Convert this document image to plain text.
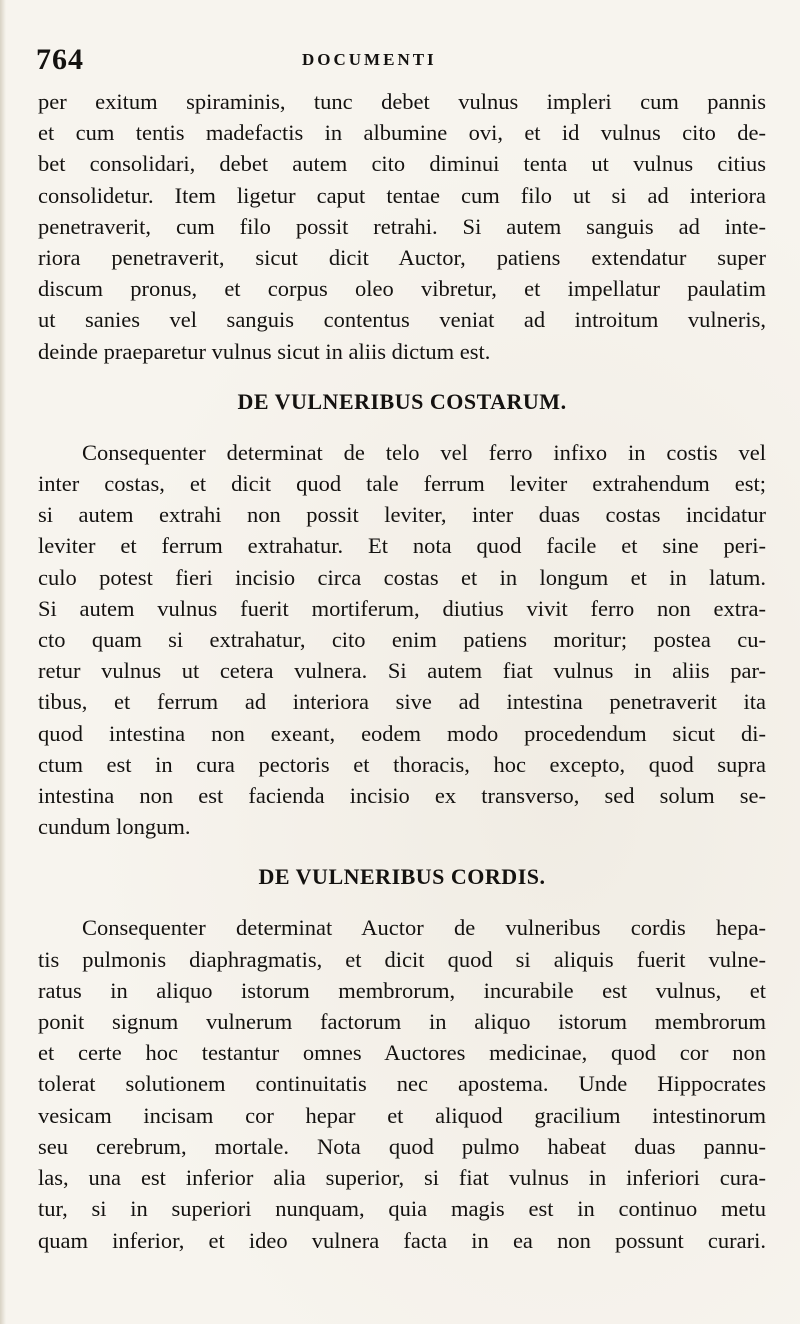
764	DOCUMENTI
per exitum spiraminis, tunc debet vulnus impleri cum pannis
et cum tentis madefactis in albumine ovi, et id vulnus cito de-
bet consolidari, debet autem cito diminui tenta ut vulnus citius
consolidetur. Item ligetur caput tentae cum filo ut si ad interiora
penetraverit, cum filo possit retrahi. Si autem sanguis ad inte-
riora penetraverit, sicut dicit Auctor, patiens extendatur super
discum pronus, et corpus oleo vibretur, et impellatur paulatim
ut sanies vel sanguis contentus veniat ad introitum vulneris,
deinde praeparetur vulnus sicut in aliis dictum est.
DE VULNERIBUS COSTARUM.
Consequenter determinat de telo vel ferro infixo in costis vel
inter costas, et dicit quod tale ferrum leviter extrahendum est;
si autem extrahi non possit leviter, inter duas costas incidatur
leviter et ferrum extrahatur. Et nota quod facile et sine peri-
culo potest fieri incisio circa costas et in longum et in latum.
Si autem vulnus fuerit mortiferum, diutius vivit ferro non extra-
cto quam si extrahatur, cito enim patiens moritur; postea cu-
retur vulnus ut cetera vulnera. Si autem fiat vulnus in aliis par-
tibus, et ferrum ad interiora sive ad intestina penetraverit ita
quod intestina non exeant, eodem modo procedendum sicut di-
ctum est in cura pectoris et thoracis, hoc excepto, quod supra
intestina non est facienda incisio ex transverso, sed solum se-
cundum longum.
DE VULNERIBUS CORDIS.
Consequenter determinat Auctor de vulneribus cordis hepa-
tis pulmonis diaphragmatis, et dicit quod si aliquis fuerit vulne-
ratus in aliquo istorum membrorum, incurabile est vulnus, et
ponit signum vulnerum factorum in aliquo istorum membrorum
et certe hoc testantur omnes Auctores medicinae, quod cor non
tolerat solutionem continuitatis nec apostema. Unde Hippocrates
vesicam incisam cor hepar et aliquod gracilium intestinorum
seu cerebrum, mortale. Nota quod pulmo habeat duas pannu-
las, una est inferior alia superior, si fiat vulnus in inferiori cura-
tur, si in superiori nunquam, quia magis est in continuo metu
quam inferior, et ideo vulnera facta in ea non possunt curari.
